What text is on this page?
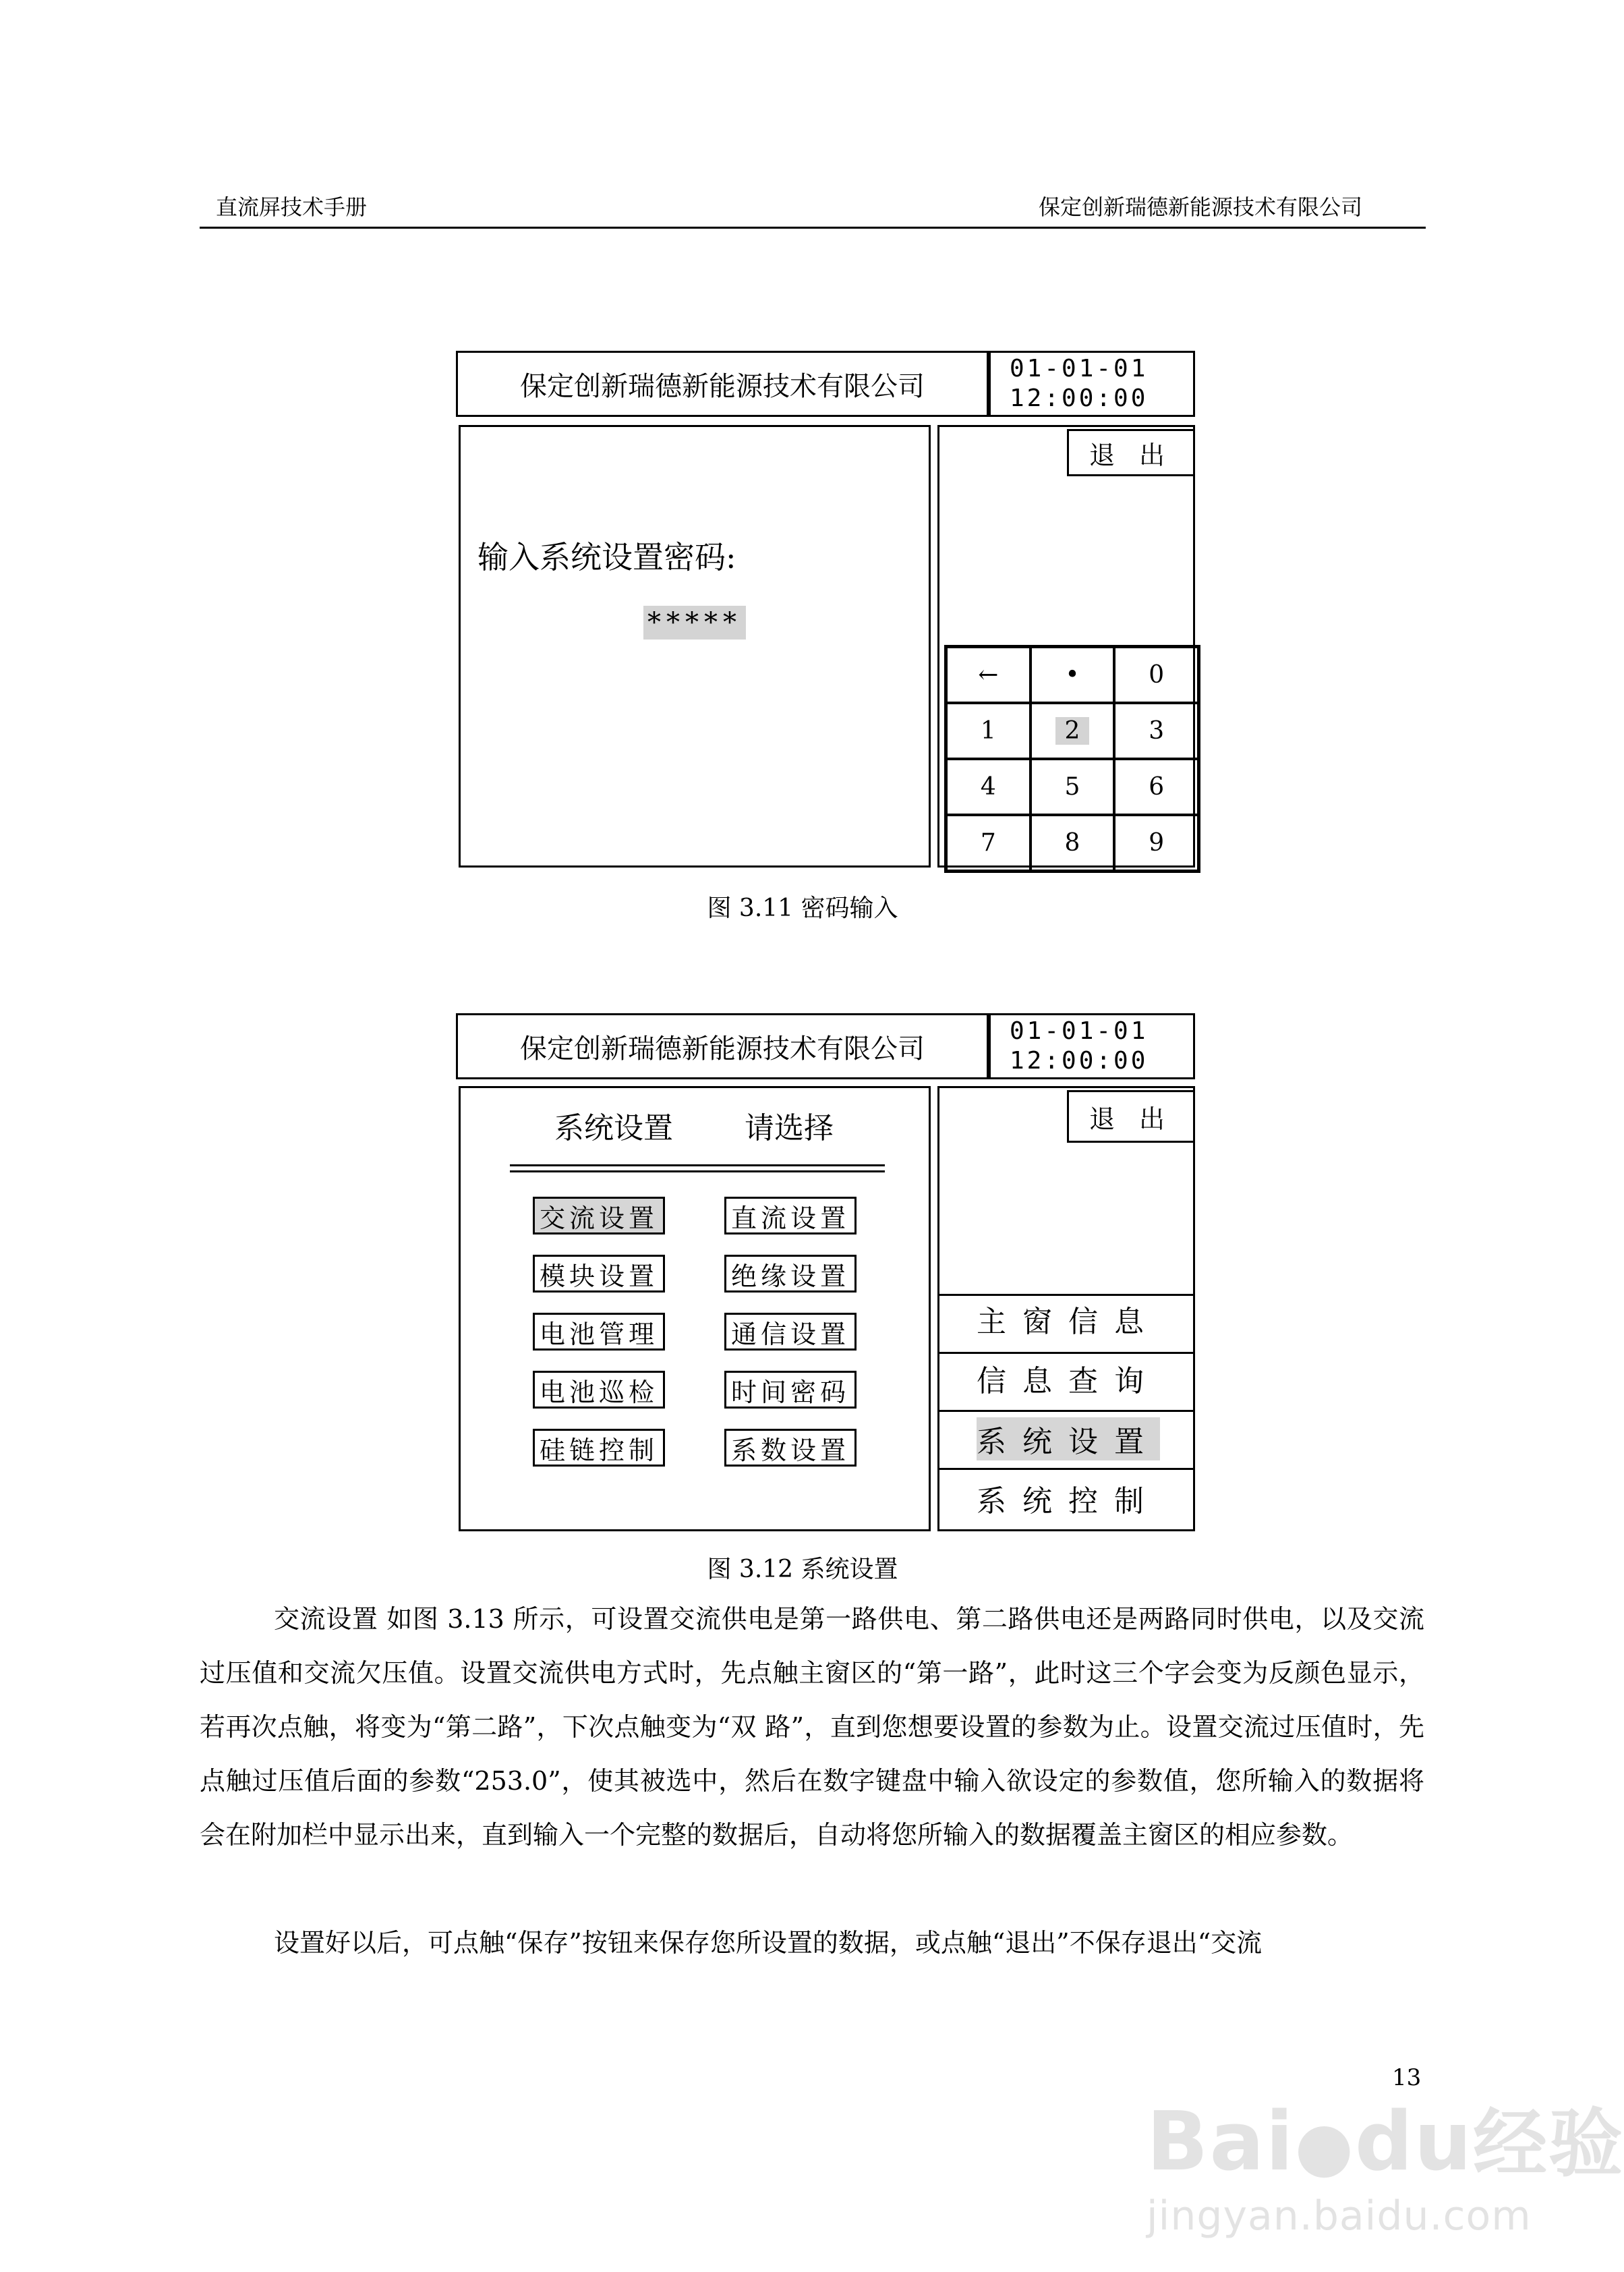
直流屏技术手册	保定创新瑞德新能源技术有限公司
保定创新瑞德新能源技术有限公司
01-01-01
12:00:00
输入系统设置密码:
*****
退 出
←	•	0
1	2	3
4	5	6
7	8	9
图 3.11 密码输入
保定创新瑞德新能源技术有限公司
01-01-01
12:00:00
系统设置 请选择
交流设置	直流设置
模块设置	绝缘设置
电池管理	通信设置
电池巡检	时间密码
硅链控制	系数设置
退 出
主窗信息
信息查询
系统设置
系统控制
图 3.12 系统设置
交流设置 如图 3.13 所示，可设置交流供电是第一路供电、第二路供电还是两路同时供电，以及交流过压值和交流欠压值。设置交流供电方式时，先点触主窗区的“第一路”，此时这三个字会变为反颜色显示，若再次点触，将变为“第二路”，下次点触变为“双 路”，直到您想要设置的参数为止。设置交流过压值时，先点触过压值后面的参数“253.0”，使其被选中，然后在数字键盘中输入欲设定的参数值，您所输入的数据将会在附加栏中显示出来，直到输入一个完整的数据后，自动将您所输入的数据覆盖主窗区的相应参数。
设置好以后，可点触“保存”按钮来保存您所设置的数据，或点触“退出”不保存退出“交流
13
Bai●du经验
jingyan.baidu.com
